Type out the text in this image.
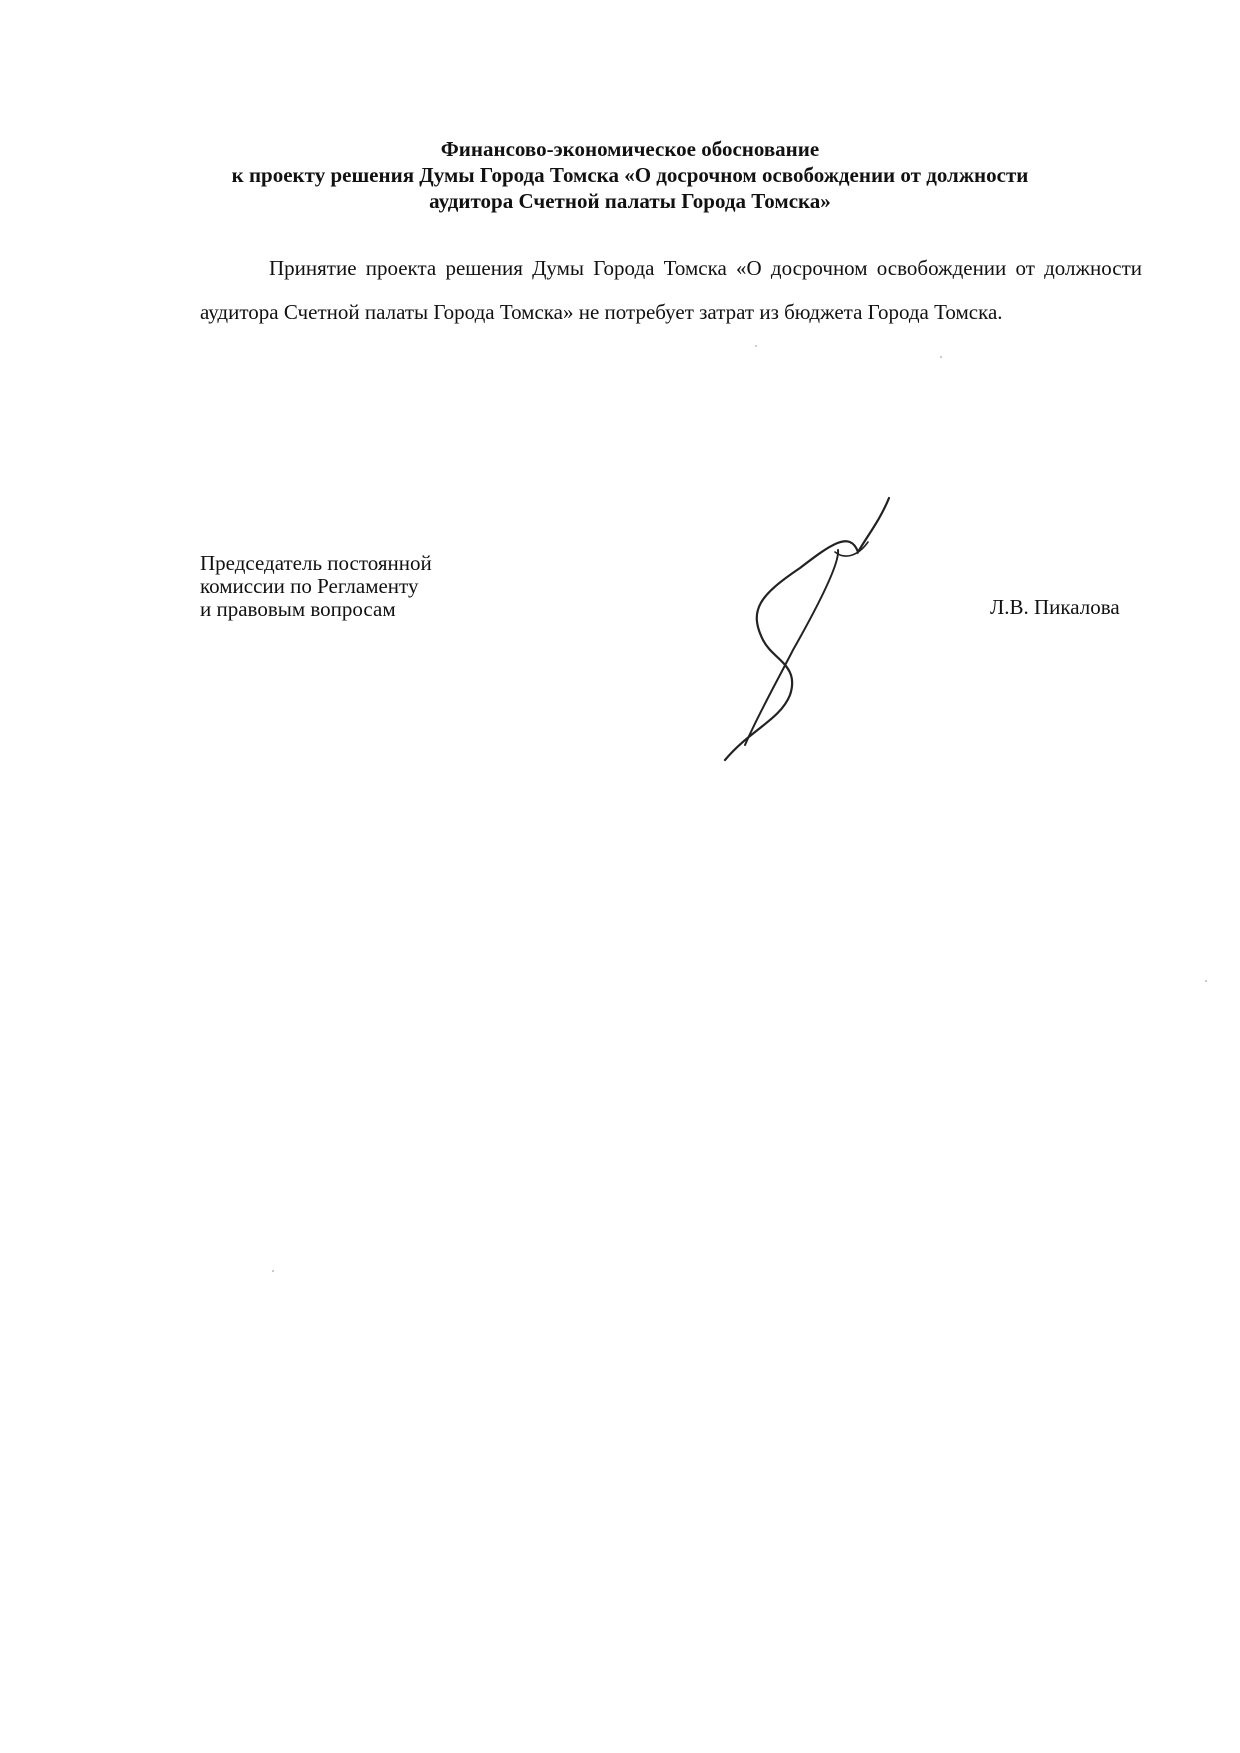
Финансово-экономическое обоснование
к проекту решения Думы Города Томска «О досрочном освобождении от должности
аудитора Счетной палаты Города Томска»

Принятие проекта решения Думы Города Томска «О досрочном освобождении от должности аудитора Счетной палаты Города Томска» не потребует затрат из бюджета Города Томска.

Председатель постоянной
комиссии по Регламенту
и правовым вопросам	Л.В. Пикалова
